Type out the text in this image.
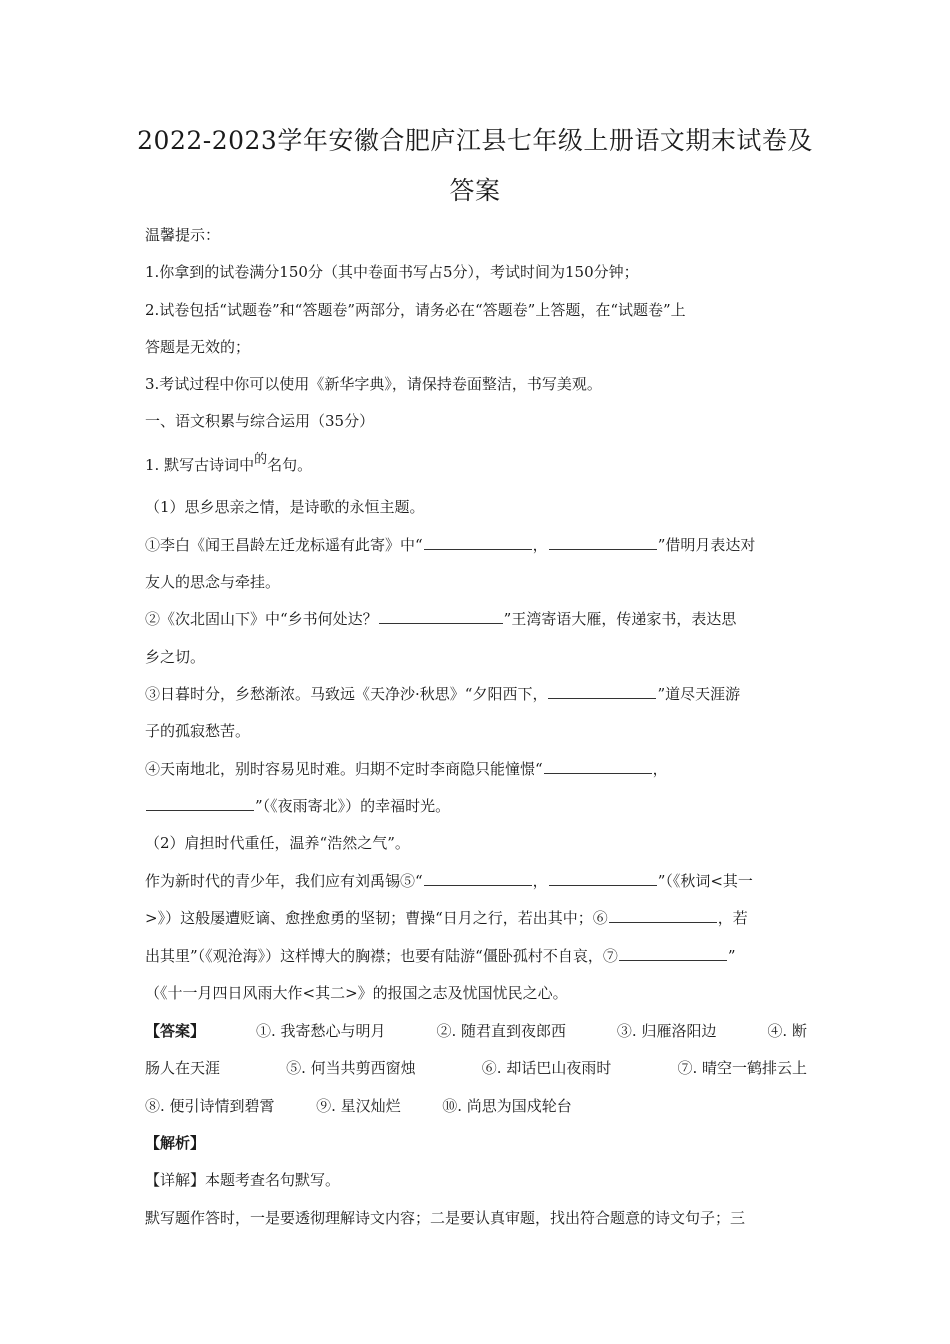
2022-2023学年安徽合肥庐江县七年级上册语文期末试卷及
答案
温馨提示：
1.你拿到的试卷满分150分（其中卷面书写占5分），考试时间为150分钟；
2.试卷包括“试题卷”和“答题卷”两部分，请务必在“答题卷”上答题，在“试题卷”上
答题是无效的；
3.考试过程中你可以使用《新华字典》，请保持卷面整洁，书写美观。
一、语文积累与综合运用（35分）
1. 默写古诗词中的名句。
（1）思乡思亲之情，是诗歌的永恒主题。
①李白《闻王昌龄左迁龙标遥有此寄》中“	，	”借明月表达对
友人的思念与牵挂。
②《次北固山下》中“乡书何处达？	”王湾寄语大雁，传递家书，表达思
乡之切。
③日暮时分，乡愁渐浓。马致远《天净沙·秋思》“夕阳西下，	”道尽天涯游
子的孤寂愁苦。
④天南地北，别时容易见时难。归期不定时李商隐只能憧憬“	，
”（《夜雨寄北》）的幸福时光。
（2）肩担时代重任，温养“浩然之气”。
作为新时代的青少年，我们应有刘禹锡⑤“	，	”（《秋词<其一
>》）这般屡遭贬谪、愈挫愈勇的坚韧；曹操“日月之行，若出其中；⑥	，若
出其里”（《观沧海》）这样博大的胸襟；也要有陆游“僵卧孤村不自哀，⑦	”
（《十一月四日风雨大作<其二>》的报国之志及忧国忧民之心。
【答案】	①. 我寄愁心与明月	②. 随君直到夜郎西	③. 归雁洛阳边	④. 断
肠人在天涯	⑤. 何当共剪西窗烛	⑥. 却话巴山夜雨时	⑦. 晴空一鹤排云上
⑧. 便引诗情到碧霄	⑨. 星汉灿烂	⑩. 尚思为国戍轮台
【解析】
【详解】本题考查名句默写。
默写题作答时，一是要透彻理解诗文内容；二是要认真审题，找出符合题意的诗文句子；三
